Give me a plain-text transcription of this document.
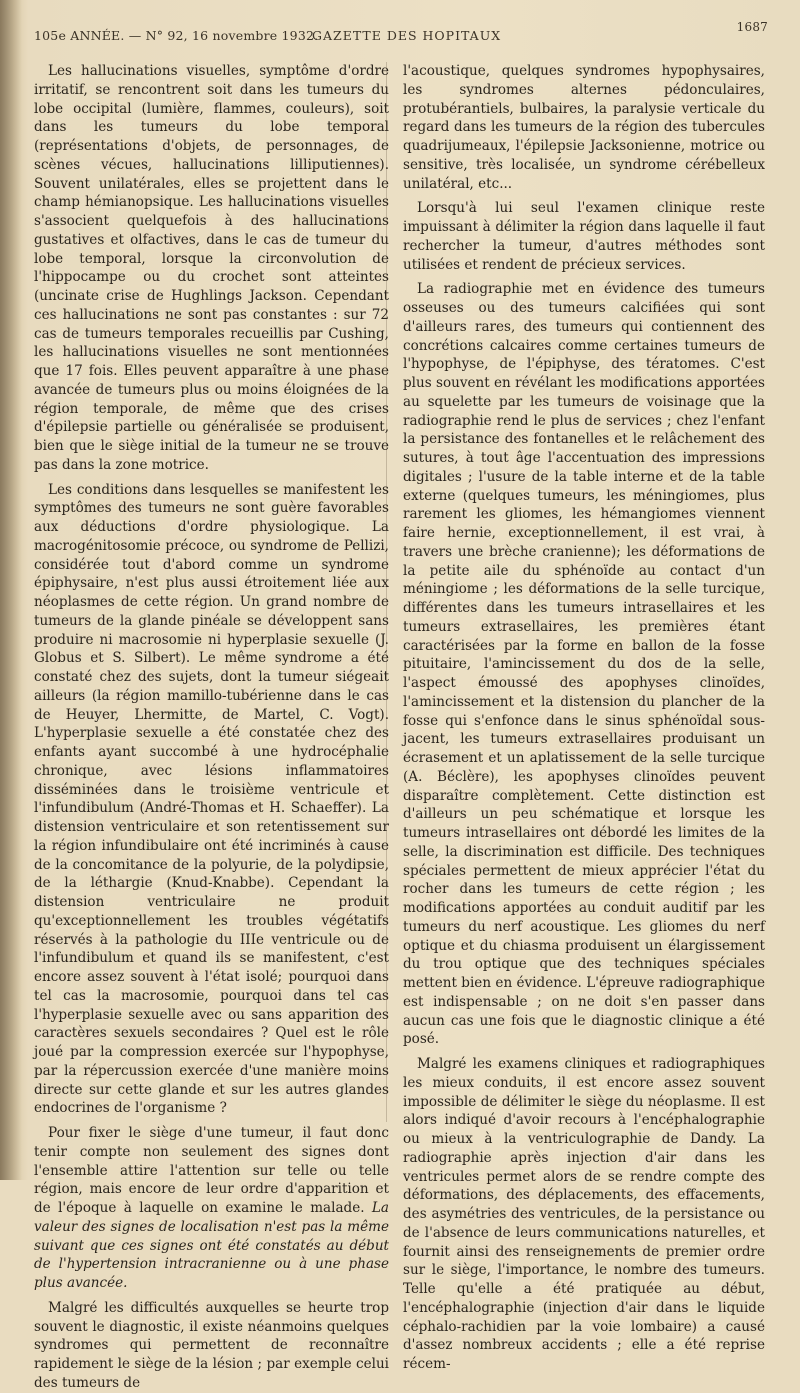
105e ANNÉE. — N° 92, 16 novembre 1932.
GAZETTE DES HOPITAUX
1687

Les hallucinations visuelles, symptôme d'ordre irritatif, se rencontrent soit dans les tumeurs du lobe occipital (lumière, flammes, couleurs), soit dans les tumeurs du lobe temporal (représentations d'objets, de personnages, de scènes vécues, hallucinations lilliputiennes). Souvent unilatérales, elles se projettent dans le champ hémianopsique. Les hallucinations visuelles s'associent quelquefois à des hallucinations gustatives et olfactives, dans le cas de tumeur du lobe temporal, lorsque la circonvolution de l'hippocampe ou du crochet sont atteintes (uncinate crise de Hughlings Jackson. Cependant ces hallucinations ne sont pas constantes : sur 72 cas de tumeurs temporales recueillis par Cushing, les hallucinations visuelles ne sont mentionnées que 17 fois. Elles peuvent apparaître à une phase avancée de tumeurs plus ou moins éloignées de la région temporale, de même que des crises d'épilepsie partielle ou généralisée se produisent, bien que le siège initial de la tumeur ne se trouve pas dans la zone motrice.

Les conditions dans lesquelles se manifestent les symptômes des tumeurs ne sont guère favorables aux déductions d'ordre physiologique. La macrogénitosomie précoce, ou syndrome de Pellizi, considérée tout d'abord comme un syndrome épiphysaire, n'est plus aussi étroitement liée aux néoplasmes de cette région. Un grand nombre de tumeurs de la glande pinéale se développent sans produire ni macrosomie ni hyperplasie sexuelle (J. Globus et S. Silbert). Le même syndrome a été constaté chez des sujets, dont la tumeur siégeait ailleurs (la région mamillo-tubérienne dans le cas de Heuyer, Lhermitte, de Martel, C. Vogt). L'hyperplasie sexuelle a été constatée chez des enfants ayant succombé à une hydrocéphalie chronique, avec lésions inflammatoires disséminées dans le troisième ventricule et l'infundibulum (André-Thomas et H. Schaeffer). La distension ventriculaire et son retentissement sur la région infundibulaire ont été incriminés à cause de la concomitance de la polyurie, de la polydipsie, de la léthargie (Knud-Knabbe). Cependant la distension ventriculaire ne produit qu'exceptionnellement les troubles végétatifs réservés à la pathologie du IIIe ventricule ou de l'infundibulum et quand ils se manifestent, c'est encore assez souvent à l'état isolé; pourquoi dans tel cas la macrosomie, pourquoi dans tel cas l'hyperplasie sexuelle avec ou sans apparition des caractères sexuels secondaires ? Quel est le rôle joué par la compression exercée sur l'hypophyse, par la répercussion exercée d'une manière moins directe sur cette glande et sur les autres glandes endocrines de l'organisme ?

Pour fixer le siège d'une tumeur, il faut donc tenir compte non seulement des signes dont l'ensemble attire l'attention sur telle ou telle région, mais encore de leur ordre d'apparition et de l'époque à laquelle on examine le malade. La valeur des signes de localisation n'est pas la même suivant que ces signes ont été constatés au début de l'hypertension intracranienne ou à une phase plus avancée.

Malgré les difficultés auxquelles se heurte trop souvent le diagnostic, il existe néanmoins quelques syndromes qui permettent de reconnaître rapidement le siège de la lésion ; par exemple celui des tumeurs de

l'acoustique, quelques syndromes hypophysaires, les syndromes alternes pédonculaires, protubérantiels, bulbaires, la paralysie verticale du regard dans les tumeurs de la région des tubercules quadrijumeaux, l'épilepsie Jacksonienne, motrice ou sensitive, très localisée, un syndrome cérébelleux unilatéral, etc...

Lorsqu'à lui seul l'examen clinique reste impuissant à délimiter la région dans laquelle il faut rechercher la tumeur, d'autres méthodes sont utilisées et rendent de précieux services.

La radiographie met en évidence des tumeurs osseuses ou des tumeurs calcifiées qui sont d'ailleurs rares, des tumeurs qui contiennent des concrétions calcaires comme certaines tumeurs de l'hypophyse, de l'épiphyse, des tératomes. C'est plus souvent en révélant les modifications apportées au squelette par les tumeurs de voisinage que la radiographie rend le plus de services ; chez l'enfant la persistance des fontanelles et le relâchement des sutures, à tout âge l'accentuation des impressions digitales ; l'usure de la table interne et de la table externe (quelques tumeurs, les méningiomes, plus rarement les gliomes, les hémangiomes viennent faire hernie, exceptionnellement, il est vrai, à travers une brèche cranienne); les déformations de la petite aile du sphénoïde au contact d'un méningiome ; les déformations de la selle turcique, différentes dans les tumeurs intrasellaires et les tumeurs extrasellaires, les premières étant caractérisées par la forme en ballon de la fosse pituitaire, l'amincissement du dos de la selle, l'aspect émoussé des apophyses clinoïdes, l'amincissement et la distension du plancher de la fosse qui s'enfonce dans le sinus sphénoïdal sous-jacent, les tumeurs extrasellaires produisant un écrasement et un aplatissement de la selle turcique (A. Béclère), les apophyses clinoïdes peuvent disparaître complètement. Cette distinction est d'ailleurs un peu schématique et lorsque les tumeurs intrasellaires ont débordé les limites de la selle, la discrimination est difficile. Des techniques spéciales permettent de mieux apprécier l'état du rocher dans les tumeurs de cette région ; les modifications apportées au conduit auditif par les tumeurs du nerf acoustique. Les gliomes du nerf optique et du chiasma produisent un élargissement du trou optique que des techniques spéciales mettent bien en évidence. L'épreuve radiographique est indispensable ; on ne doit s'en passer dans aucun cas une fois que le diagnostic clinique a été posé.

Malgré les examens cliniques et radiographiques les mieux conduits, il est encore assez souvent impossible de délimiter le siège du néoplasme. Il est alors indiqué d'avoir recours à l'encéphalographie ou mieux à la ventriculographie de Dandy. La radiographie après injection d'air dans les ventricules permet alors de se rendre compte des déformations, des déplacements, des effacements, des asymétries des ventricules, de la persistance ou de l'absence de leurs communications naturelles, et fournit ainsi des renseignements de premier ordre sur le siège, l'importance, le nombre des tumeurs. Telle qu'elle a été pratiquée au début, l'encéphalographie (injection d'air dans le liquide céphalo-rachidien par la voie lombaire) a causé d'assez nombreux accidents ; elle a été reprise récem-
